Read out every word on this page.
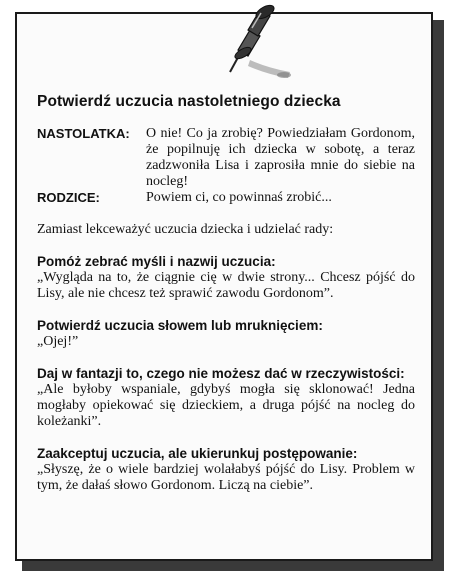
Potwierdź uczucia nastoletniego dziecka
NASTOLATKA:	O nie! Co ja zrobię? Powiedziałam Gordonom, że popilnuję ich dziecka w sobotę, a teraz zadzwoniła Lisa i zaprosiła mnie do siebie na nocleg!
RODZICE:	Powiem ci, co powinnaś zrobić...
Zamiast lekceważyć uczucia dziecka i udzielać rady:
Pomóż zebrać myśli i nazwij uczucia:
„Wygląda na to, że ciągnie cię w dwie strony... Chcesz pójść do Lisy, ale nie chcesz też sprawić zawodu Gordonom”.
Potwierdź uczucia słowem lub mruknięciem:
„Ojej!”
Daj w fantazji to, czego nie możesz dać w rzeczywistości:
„Ale byłoby wspaniale, gdybyś mogła się sklonować! Jedna mogłaby opiekować się dzieckiem, a druga pójść na nocleg do koleżanki”.
Zaakceptuj uczucia, ale ukierunkuj postępowanie:
„Słyszę, że o wiele bardziej wolałabyś pójść do Lisy. Problem w tym, że dałaś słowo Gordonom. Liczą na ciebie”.
